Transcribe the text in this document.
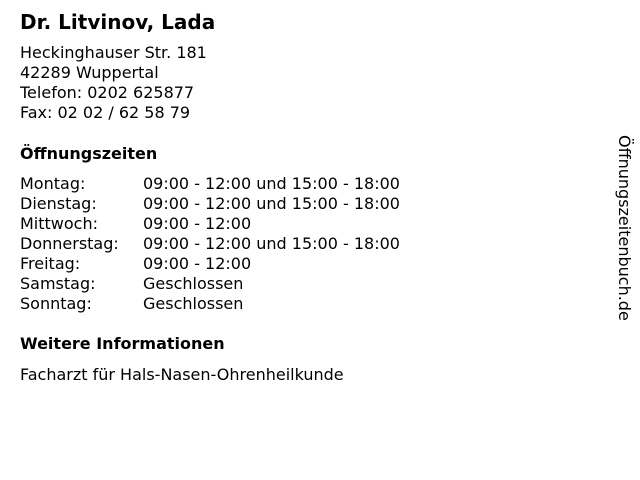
Dr. Litvinov, Lada
Heckinghauser Str. 181
42289 Wuppertal
Telefon: 0202 625877
Fax: 02 02 / 62 58 79
Öffnungszeiten
Montag:	09:00 - 12:00 und 15:00 - 18:00
Dienstag:	09:00 - 12:00 und 15:00 - 18:00
Mittwoch:	09:00 - 12:00
Donnerstag:	09:00 - 12:00 und 15:00 - 18:00
Freitag:	09:00 - 12:00
Samstag:	Geschlossen
Sonntag:	Geschlossen
Weitere Informationen
Facharzt für Hals-Nasen-Ohrenheilkunde
Öffnungszeitenbuch.de
